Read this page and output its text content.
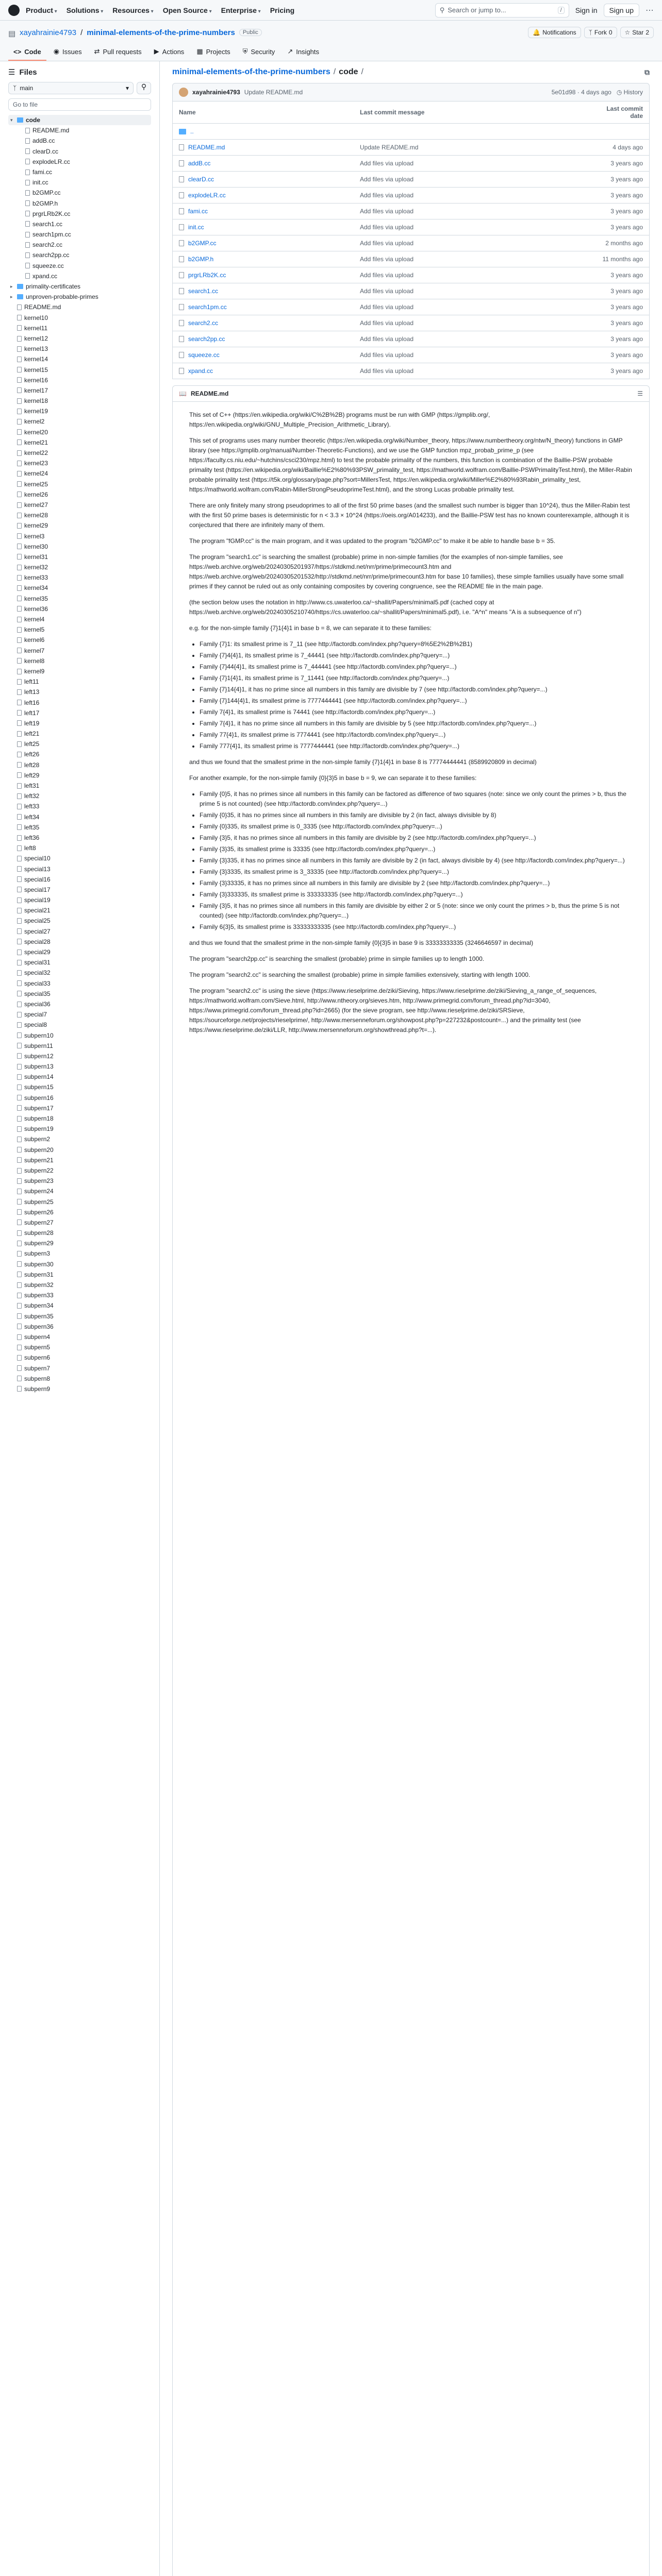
Product ▾	Solutions ▾	Resources ▾	Open Source ▾	Enterprise ▾	Pricing	⚲ Search or jump to...	/	Sign in	Sign up	⋯
▤ xayahrainie4793 / minimal-elements-of-the-prime-numbers	Public	🔔 Notifications ᛉ Fork 0 ☆ Star 2
<> Code ◉ Issues ⇄ Pull requests ▶ Actions ▦ Projects ⛨ Security ↗ Insights
☰ Files
ᛉ main	▾	⚲
Go to file
▾ code
README.md
addB.cc
clearD.cc
explodeLR.cc
fami.cc
init.cc
b2GMP.cc
b2GMP.h
prgrLRb2K.cc
search1.cc
search1pm.cc
search2.cc
search2pp.cc
squeeze.cc
xpand.cc
▸ primality-certificates
▸ unproven-probable-primes
README.md
kernel10
kernel11
kernel12
kernel13
kernel14
kernel15
kernel16
kernel17
kernel18
kernel19
kernel2
kernel20
kernel21
kernel22
kernel23
kernel24
kernel25
kernel26
kernel27
kernel28
kernel29
kernel3
kernel30
kernel31
kernel32
kernel33
kernel34
kernel35
kernel36
kernel4
kernel5
kernel6
kernel7
kernel8
kernel9
left11
left13
left16
left17
left19
left21
left25
left26
left28
left29
left31
left32
left33
left34
left35
left36
left8
special10
special13
special16
special17
special19
special21
special25
special27
special28
special29
special31
special32
special33
special35
special36
special7
special8
subpern10
subpern11
subpern12
subpern13
subpern14
subpern15
subpern16
subpern17
subpern18
subpern19
subpern2
subpern20
subpern21
subpern22
subpern23
subpern24
subpern25
subpern26
subpern27
subpern28
subpern29
subpern3
subpern30
subpern31
subpern32
subpern33
subpern34
subpern35
subpern36
subpern4
subpern5
subpern6
subpern7
subpern8
subpern9
minimal-elements-of-the-prime-numbers / code /	⧉
xayahrainie4793 Update README.md	5e01d98 · 4 days ago ◷ History
Name	Last commit message	Last commit date

..		

README.md	Update README.md	4 days ago

addB.cc	Add files via upload	3 years ago

clearD.cc	Add files via upload	3 years ago

explodeLR.cc	Add files via upload	3 years ago

fami.cc	Add files via upload	3 years ago

init.cc	Add files via upload	3 years ago

b2GMP.cc	Add files via upload	2 months ago

b2GMP.h	Add files via upload	11 months ago

prgrLRb2K.cc	Add files via upload	3 years ago

search1.cc	Add files via upload	3 years ago

search1pm.cc	Add files via upload	3 years ago

search2.cc	Add files via upload	3 years ago

search2pp.cc	Add files via upload	3 years ago

squeeze.cc	Add files via upload	3 years ago

xpand.cc	Add files via upload	3 years ago
📖 README.md	☰

This set of C++ (https://en.wikipedia.org/wiki/C%2B%2B) programs must be run with GMP (https://gmplib.org/, https://en.wikipedia.org/wiki/GNU_Multiple_Precision_Arithmetic_Library).

This set of programs uses many number theoretic (https://en.wikipedia.org/wiki/Number_theory, https://www.numbertheory.org/ntw/N_theory) functions in GMP library (see https://gmplib.org/manual/Number-Theoretic-Functions), and we use the GMP function mpz_probab_prime_p (see https://faculty.cs.niu.edu/~hutchins/csci230/mpz.html) to test the probable primality of the numbers, this function is combination of the Baillie-PSW probable primality test (https://en.wikipedia.org/wiki/Baillie%E2%80%93PSW_primality_test, https://mathworld.wolfram.com/Baillie-PSWPrimalityTest.html), the Miller-Rabin probable primality test (https://t5k.org/glossary/page.php?sort=MillersTest, https://en.wikipedia.org/wiki/Miller%E2%80%93Rabin_primality_test, https://mathworld.wolfram.com/Rabin-MillerStrongPseudoprimeTest.html), and the strong Lucas probable primality test.

There are only finitely many strong pseudoprimes to all of the first 50 prime bases (and the smallest such number is bigger than 10^24), thus the Miller-Rabin test with the first 50 prime bases is deterministic for n < 3.3 × 10^24 (https://oeis.org/A014233), and the Baillie-PSW test has no known counterexample, although it is conjectured that there are infinitely many of them.

The program "fGMP.cc" is the main program, and it was updated to the program "b2GMP.cc" to make it be able to handle base b = 35.

The program "search1.cc" is searching the smallest (probable) prime in non-simple families (for the examples of non-simple families, see https://web.archive.org/web/20240305201937/https://stdkmd.net/nrr/prime/primecount3.htm and https://web.archive.org/web/20240305201532/http://stdkmd.net/nrr/prime/primecount3.htm for base 10 families), these simple families usually have some small primes if they cannot be ruled out as only containing composites by covering congruence, see the README file in the main page.

(the section below uses the notation in http://www.cs.uwaterloo.ca/~shallit/Papers/minimal5.pdf (cached copy at https://web.archive.org/web/20240305210740/https://cs.uwaterloo.ca/~shallit/Papers/minimal5.pdf), i.e. "A^n" means "A is a subsequence of n")

e.g. for the non-simple family {7}1{4}1 in base b = 8, we can separate it to these families:

• Family {7}1: its smallest prime is 7_11 (see http://factordb.com/index.php?query=8%5E2%2B%2B1)
• Family {7}4{4}1, its smallest prime is 7_44441 (see http://factordb.com/index.php?query=...)
• Family {7}44{4}1, its smallest prime is 7_444441 (see http://factordb.com/index.php?query=...)
• Family {7}1{4}1, its smallest prime is 7_11441 (see http://factordb.com/index.php?query=...)
• Family {7}14{4}1, it has no prime since all numbers in this family are divisible by 7 (see http://factordb.com/index.php?query=...)
• Family {7}144{4}1, its smallest prime is 7777444441 (see http://factordb.com/index.php?query=...)
• Family 7{4}1, its smallest prime is 74441 (see http://factordb.com/index.php?query=...)
• Family 7{4}1, it has no prime since all numbers in this family are divisible by 5 (see http://factordb.com/index.php?query=...)
• Family 77{4}1, its smallest prime is 7774441 (see http://factordb.com/index.php?query=...)
• Family 777{4}1, its smallest prime is 7777444441 (see http://factordb.com/index.php?query=...)

and thus we found that the smallest prime in the non-simple family {7}1{4}1 in base 8 is 77774444441 (8589920809 in decimal)

For another example, for the non-simple family {0}{3}5 in base b = 9, we can separate it to these families:

• Family {0}5, it has no primes since all numbers in this family can be factored as difference of two squares (note: since we only count the primes > b, thus the prime 5 is not counted) (see http://factordb.com/index.php?query=...)
• Family {0}35, it has no primes since all numbers in this family are divisible by 2 (in fact, always divisible by 8)
• Family {0}335, its smallest prime is 0_3335 (see http://factordb.com/index.php?query=...)
• Family {3}5, it has no primes since all numbers in this family are divisible by 2 (see http://factordb.com/index.php?query=...)
• Family {3}35, its smallest prime is 33335 (see http://factordb.com/index.php?query=...)
• Family {3}335, it has no primes since all numbers in this family are divisible by 2 (in fact, always divisible by 4) (see http://factordb.com/index.php?query=...)
• Family {3}3335, its smallest prime is 3_33335 (see http://factordb.com/index.php?query=...)
• Family {3}33335, it has no primes since all numbers in this family are divisible by 2 (see http://factordb.com/index.php?query=...)
• Family {3}333335, its smallest prime is 333333335 (see http://factordb.com/index.php?query=...)
• Family {3}5, it has no primes since all numbers in this family are divisible by either 2 or 5 (note: since we only count the primes > b, thus the prime 5 is not counted) (see http://factordb.com/index.php?query=...)
• Family 6{3}5, its smallest prime is 33333333335 (see http://factordb.com/index.php?query=...)

and thus we found that the smallest prime in the non-simple family {0}{3}5 in base 9 is 33333333335 (3246646597 in decimal)

The program "search2pp.cc" is searching the smallest (probable) prime in simple families up to length 1000.

The program "search2.cc" is searching the smallest (probable) prime in simple families extensively, starting with length 1000.

The program "search2.cc" is using the sieve (https://www.rieselprime.de/ziki/Sieving, https://www.rieselprime.de/ziki/Sieving_a_range_of_sequences, https://mathworld.wolfram.com/Sieve.html, http://www.ntheory.org/sieves.htm, http://www.primegrid.com/forum_thread.php?id=3040, https://www.primegrid.com/forum_thread.php?id=2665) (for the sieve program, see http://www.rieselprime.de/ziki/SRSieve, https://sourceforge.net/projects/rieselprime/, http://www.mersenneforum.org/showpost.php?p=227232&postcount=...) and the primality test (see https://www.rieselprime.de/ziki/LLR, http://www.mersenneforum.org/showthread.php?t=...).
